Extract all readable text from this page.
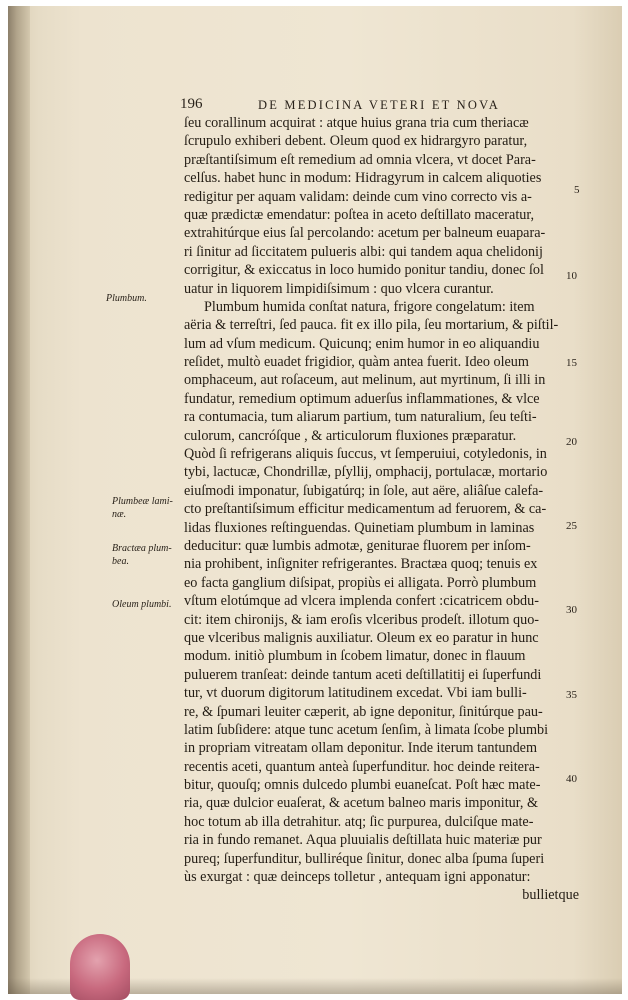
196	DE MEDICINA VETERI ET NOVA
ſeu corallinum acquirat : atque huius grana tria cum theriacæ
ſcrupulo exhiberi debent. Oleum quod ex hidrargyro paratur,
præſtantiſsimum eſt remedium ad omnia vlcera, vt docet Para-
celſus. habet hunc in modum: Hidragyrum in calcem aliquoties
redigitur per aquam validam: deinde cum vino correcto vis a-
quæ prædictæ emendatur: poſtea in aceto deſtillato maceratur,
extrahitúrque eius ſal percolando: acetum per balneum euapara-
ri ſinitur ad ſiccitatem pulueris albi: qui tandem aqua chelidonij
corrigitur, & exiccatus in loco humido ponitur tandiu, donec ſol
uatur in liquorem limpidiſsimum : quo vlcera curantur.
Plumbum humida conſtat natura, frigore congelatum: item
aëria & terreſtri, ſed pauca. fit ex illo pila, ſeu mortarium, & piſtil-
lum ad vſum medicum. Quicunq; enim humor in eo aliquandiu
reſidet, multò euadet frigidior, quàm antea fuerit. Ideo oleum
omphaceum, aut roſaceum, aut melinum, aut myrtinum, ſi illi in
fundatur, remedium optimum aduerſus inflammationes, & vlce
ra contumacia, tum aliarum partium, tum naturalium, ſeu teſti-
culorum, cancróſque , & articulorum fluxiones præparatur.
Quòd ſi refrigerans aliquis ſuccus, vt ſemperuiui, cotyledonis, in
tybi, lactucæ, Chondrillæ, pſyllij, omphacij, portulacæ, mortario
eiuſmodi imponatur, ſubigatúrq; in ſole, aut aëre, aliâſue calefa-
cto preſtantiſsimum efficitur medicamentum ad feruorem, & ca-
lidas fluxiones reſtinguendas. Quinetiam plumbum in laminas
deducitur: quæ lumbis admotæ, geniturae fluorem per inſom-
nia prohibent, inſigniter refrigerantes. Bractæa quoq; tenuis ex
eo facta ganglium diſsipat, propiùs ei alligata. Porrò plumbum
vſtum elotúmque ad vlcera implenda confert :cicatricem obdu-
cit: item chironijs, & iam eroſis vlceribus prodeſt. illotum quo-
que vlceribus malignis auxiliatur. Oleum ex eo paratur in hunc
modum. initiò plumbum in ſcobem limatur, donec in flauum
puluerem tranſeat: deinde tantum aceti deſtillatitij ei ſuperfundi
tur, vt duorum digitorum latitudinem excedat. Vbi iam bulli-
re, & ſpumari leuiter cæperit, ab igne deponitur, ſinitúrque pau-
latim ſubſidere: atque tunc acetum ſenſim, à limata ſcobe plumbi
in propriam vitreatam ollam deponitur. Inde iterum tantundem
recentis aceti, quantum anteà ſuperfunditur. hoc deinde reitera-
bitur, quouſq; omnis dulcedo plumbi euaneſcat. Poſt hæc mate-
ria, quæ dulcior euaſerat, & acetum balneo maris imponitur, &
hoc totum ab illa detrahitur. atq; ſic purpurea, dulciſque mate-
ria in fundo remanet. Aqua pluuialis deſtillata huic materiæ pur
pureq; ſuperfunditur, bulliréque ſinitur, donec alba ſpuma ſuperi
ùs exurgat : quæ deinceps tolletur , antequam igni apponatur:
bullietque
Plumbum.
Plumbeæ lami-
næ.
Bractæa plum-
bea.
Oleum plumbi.
5
10
15
20
25
30
35
40
